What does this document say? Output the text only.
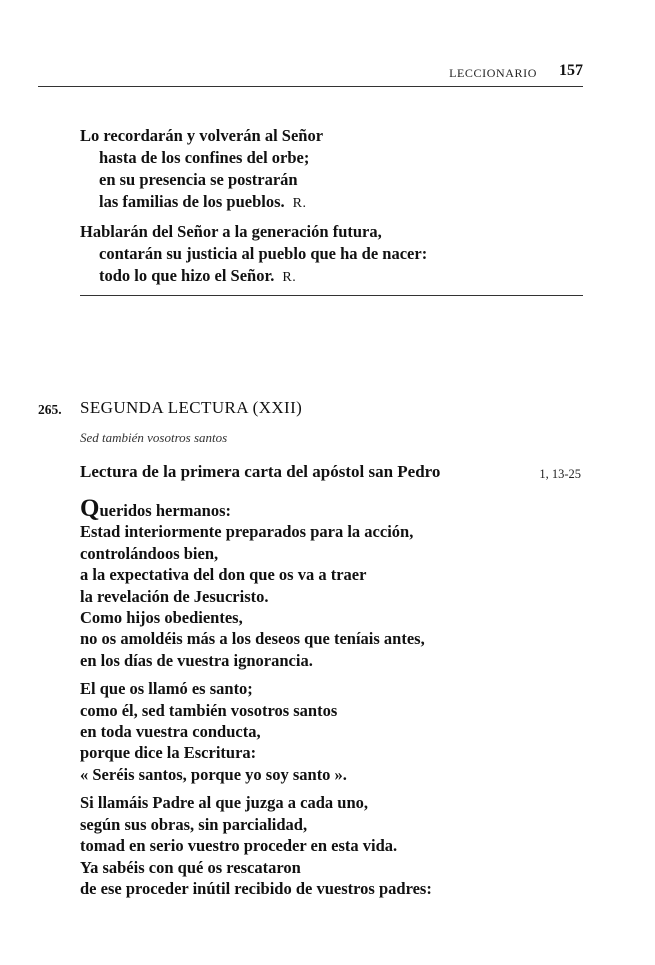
LECCIONARIO 157
Lo recordarán y volverán al Señor
hasta de los confines del orbe;
en su presencia se postrarán
las familias de los pueblos. R.
Hablarán del Señor a la generación futura,
contarán su justicia al pueblo que ha de nacer:
todo lo que hizo el Señor. R.
265. SEGUNDA LECTURA (XXII)
Sed también vosotros santos
Lectura de la primera carta del apóstol san Pedro	1, 13-25
Queridos hermanos:
Estad interiormente preparados para la acción,
controlándoos bien,
a la expectativa del don que os va a traer
la revelación de Jesucristo.
Como hijos obedientes,
no os amoldéis más a los deseos que teníais antes,
en los días de vuestra ignorancia.
El que os llamó es santo;
como él, sed también vosotros santos
en toda vuestra conducta,
porque dice la Escritura:
« Seréis santos, porque yo soy santo ».
Si llamáis Padre al que juzga a cada uno,
según sus obras, sin parcialidad,
tomad en serio vuestro proceder en esta vida.
Ya sabéis con qué os rescataron
de ese proceder inútil recibido de vuestros padres:
